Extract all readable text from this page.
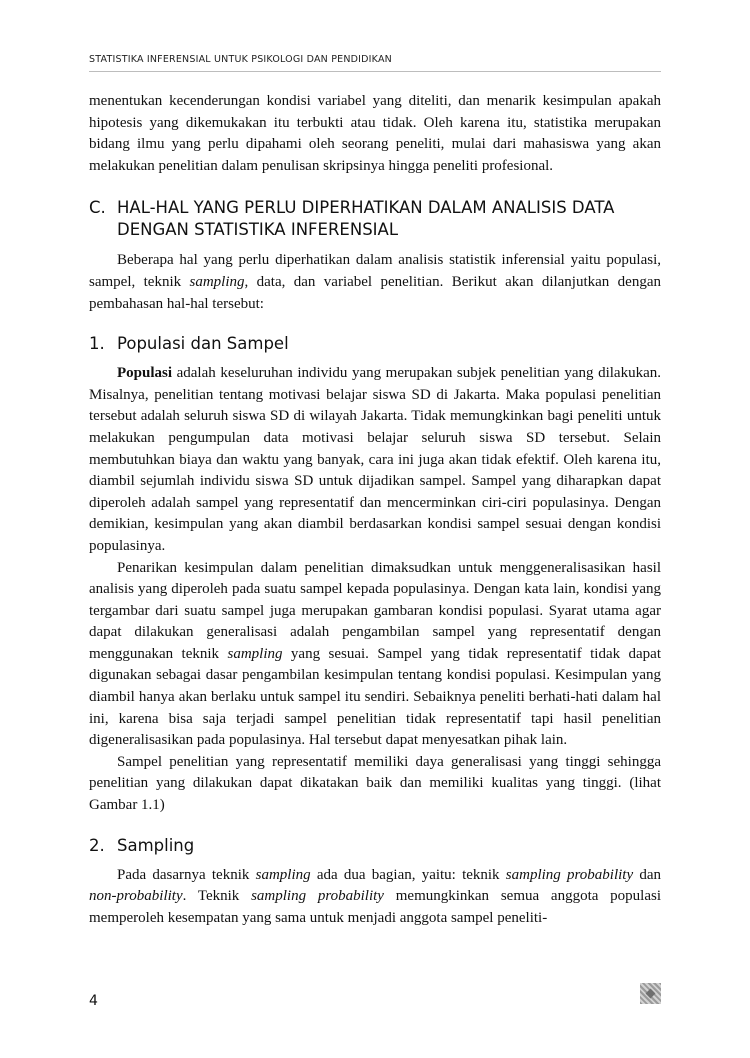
STATISTIKA INFERENSIAL UNTUK PSIKOLOGI DAN PENDIDIKAN

menentukan kecenderungan kondisi variabel yang diteliti, dan menarik kesimpulan apakah hipotesis yang dikemukakan itu terbukti atau tidak. Oleh karena itu, statistika merupakan bidang ilmu yang perlu dipahami oleh seorang peneliti, mulai dari mahasiswa yang akan melakukan penelitian dalam penulisan skripsinya hingga peneliti profesional.

C. HAL-HAL YANG PERLU DIPERHATIKAN DALAM ANALISIS DATA DENGAN STATISTIKA INFERENSIAL

Beberapa hal yang perlu diperhatikan dalam analisis statistik inferensial yaitu populasi, sampel, teknik sampling, data, dan variabel penelitian. Berikut akan dilanjutkan dengan pembahasan hal-hal tersebut:

1. Populasi dan Sampel

Populasi adalah keseluruhan individu yang merupakan subjek penelitian yang dilakukan. Misalnya, penelitian tentang motivasi belajar siswa SD di Jakarta. Maka populasi penelitian tersebut adalah seluruh siswa SD di wilayah Jakarta. Tidak memungkinkan bagi peneliti untuk melakukan pengumpulan data motivasi belajar seluruh siswa SD tersebut. Selain membutuhkan biaya dan waktu yang banyak, cara ini juga akan tidak efektif. Oleh karena itu, diambil sejumlah individu siswa SD untuk dijadikan sampel. Sampel yang diharapkan dapat diperoleh adalah sampel yang representatif dan mencerminkan ciri-ciri populasinya. Dengan demikian, kesimpulan yang akan diambil berdasarkan kondisi sampel sesuai dengan kondisi populasinya.

Penarikan kesimpulan dalam penelitian dimaksudkan untuk menggeneralisasikan hasil analisis yang diperoleh pada suatu sampel kepada populasinya. Dengan kata lain, kondisi yang tergambar dari suatu sampel juga merupakan gambaran kondisi populasi. Syarat utama agar dapat dilakukan generalisasi adalah pengambilan sampel yang representatif dengan menggunakan teknik sampling yang sesuai. Sampel yang tidak representatif tidak dapat digunakan sebagai dasar pengambilan kesimpulan tentang kondisi populasi. Kesimpulan yang diambil hanya akan berlaku untuk sampel itu sendiri. Sebaiknya peneliti berhati-hati dalam hal ini, karena bisa saja terjadi sampel penelitian tidak representatif tapi hasil penelitian digeneralisasikan pada populasinya. Hal tersebut dapat menyesatkan pihak lain.

Sampel penelitian yang representatif memiliki daya generalisasi yang tinggi sehingga penelitian yang dilakukan dapat dikatakan baik dan memiliki kualitas yang tinggi. (lihat Gambar 1.1)

2. Sampling

Pada dasarnya teknik sampling ada dua bagian, yaitu: teknik sampling probability dan non-probability. Teknik sampling probability memungkinkan semua anggota populasi memperoleh kesempatan yang sama untuk menjadi anggota sampel peneliti-

4
